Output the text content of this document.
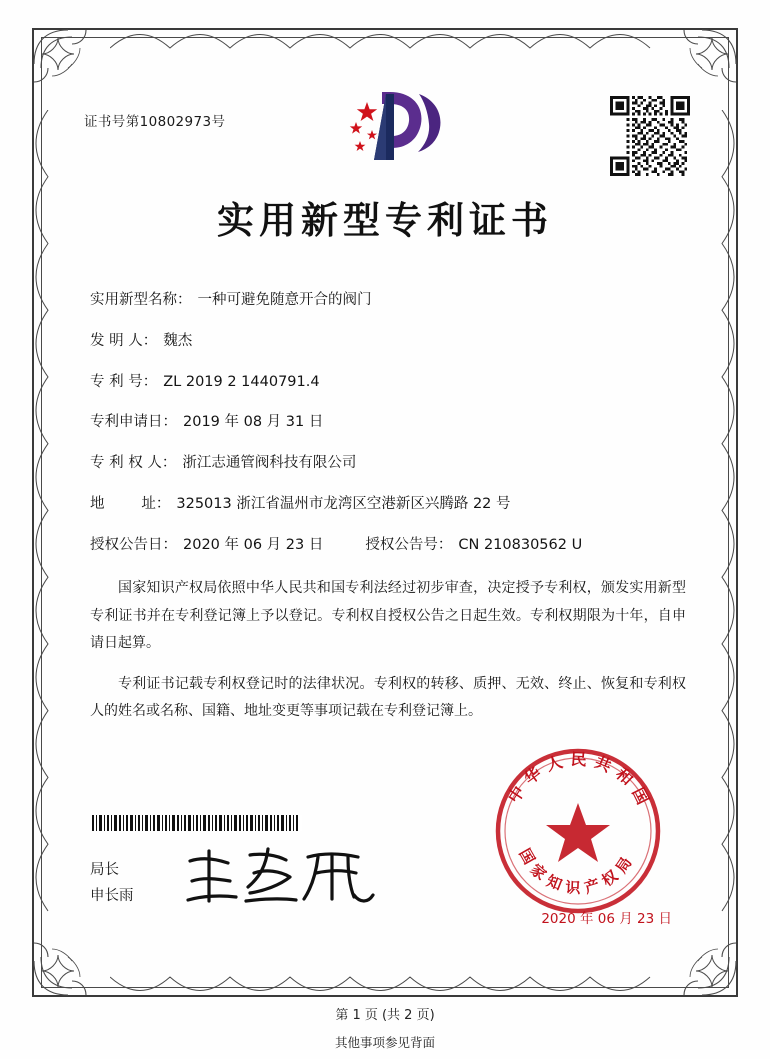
证书号第10802973号
实用新型专利证书
实用新型名称： 一种可避免随意开合的阀门
发 明 人： 魏杰
专 利 号： ZL 2019 2 1440791.4
专利申请日： 2019 年 08 月 31 日
专 利 权 人： 浙江志通管阀科技有限公司
地        址： 325013 浙江省温州市龙湾区空港新区兴腾路 22 号
授权公告日： 2020 年 06 月 23 日	授权公告号： CN 210830562 U

国家知识产权局依照中华人民共和国专利法经过初步审查，决定授予专利权，颁发实用新型专利证书并在专利登记簿上予以登记。专利权自授权公告之日起生效。专利权期限为十年，自申请日起算。

专利证书记载专利权登记时的法律状况。专利权的转移、质押、无效、终止、恢复和专利权人的姓名或名称、国籍、地址变更等事项记载在专利登记簿上。

局长
申长雨
中华人民共和国
国家知识产权局
2020 年 06 月 23 日
第 1 页 (共 2 页)
其他事项参见背面
